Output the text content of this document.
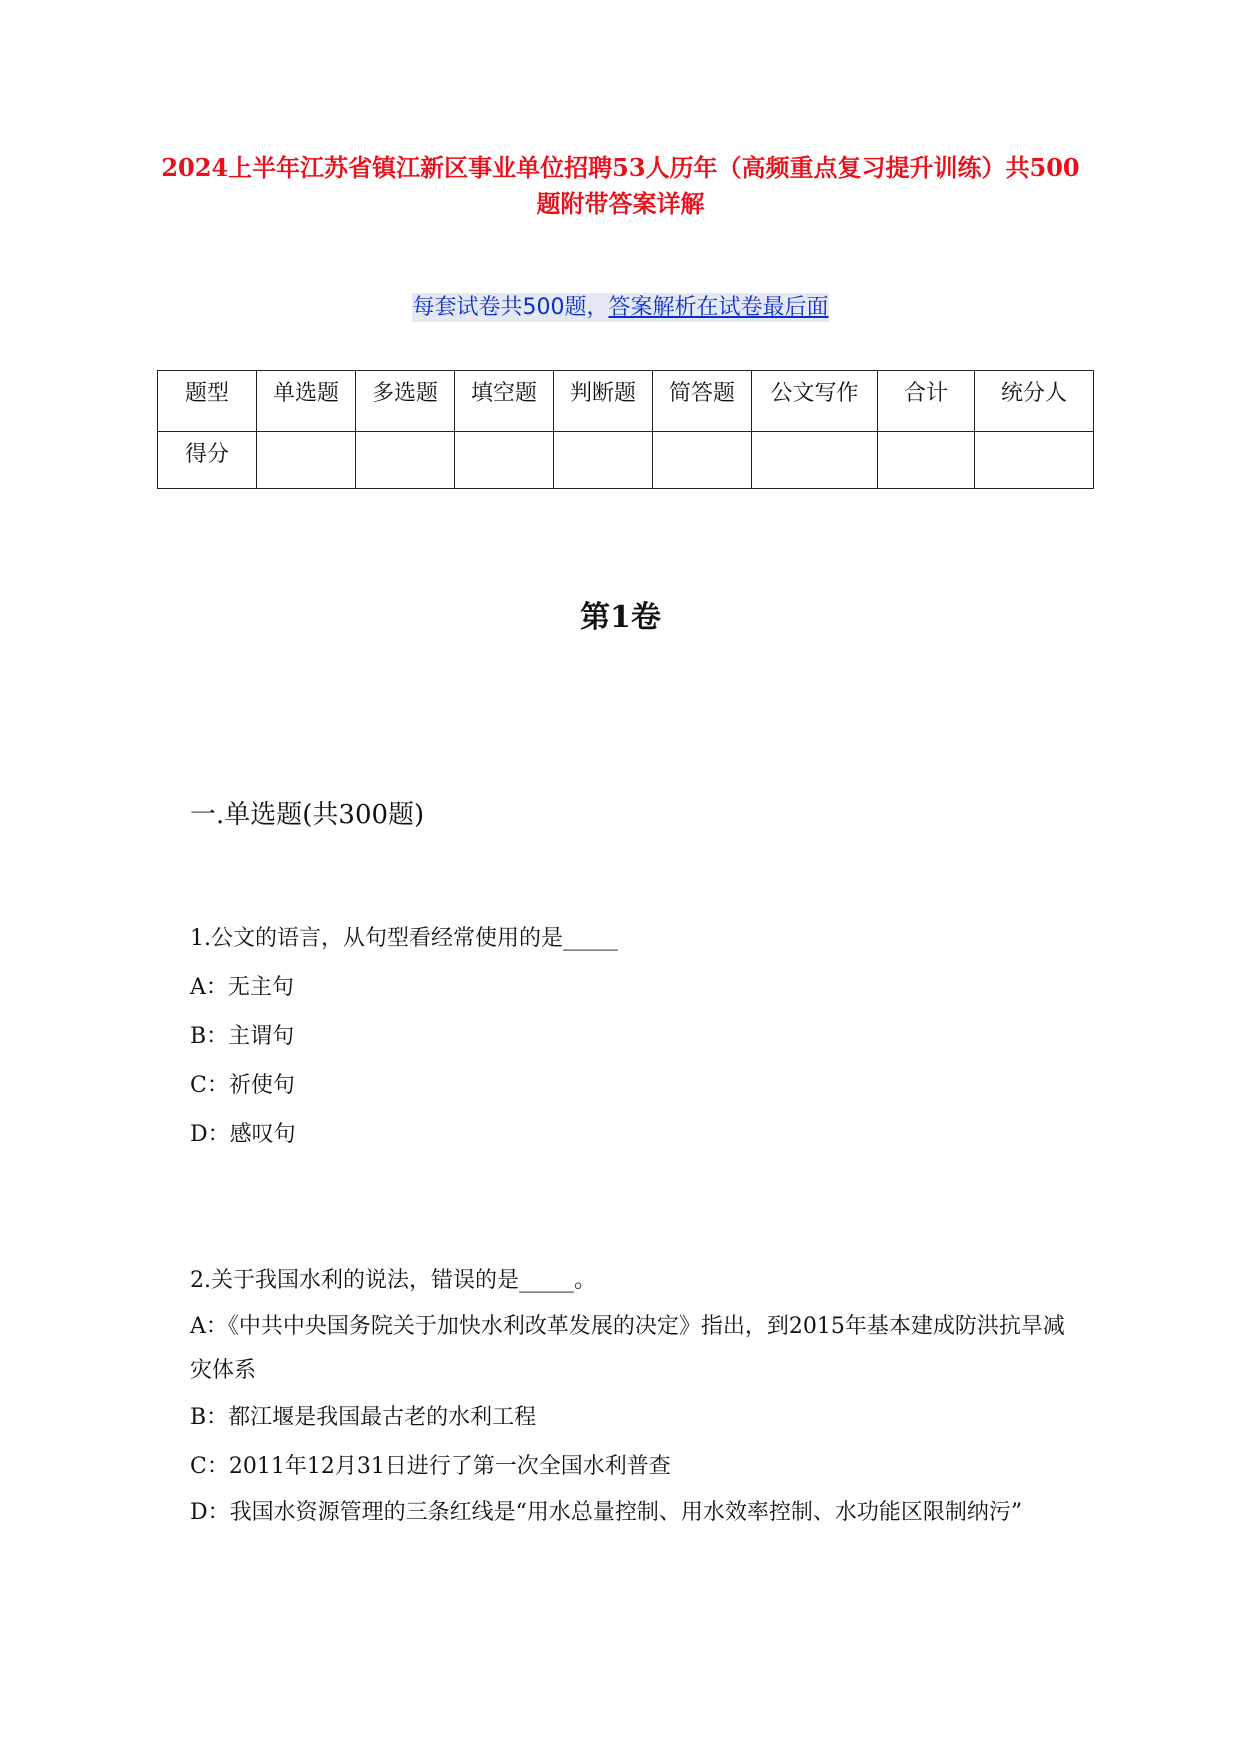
2024上半年江苏省镇江新区事业单位招聘53人历年（高频重点复习提升训练）共500题附带答案详解
每套试卷共500题，答案解析在试卷最后面
题型	单选题	多选题	填空题	判断题	简答题	公文写作	合计	统分人
得分								
第1卷
一.单选题(共300题)
1.公文的语言，从句型看经常使用的是_____
A：无主句
B：主谓句
C：祈使句
D：感叹句
2.关于我国水利的说法，错误的是_____。
A：《中共中央国务院关于加快水利改革发展的决定》指出，到2015年基本建成防洪抗旱减灾体系
B：都江堰是我国最古老的水利工程
C：2011年12月31日进行了第一次全国水利普查
D：我国水资源管理的三条红线是“用水总量控制、用水效率控制、水功能区限制纳污”
